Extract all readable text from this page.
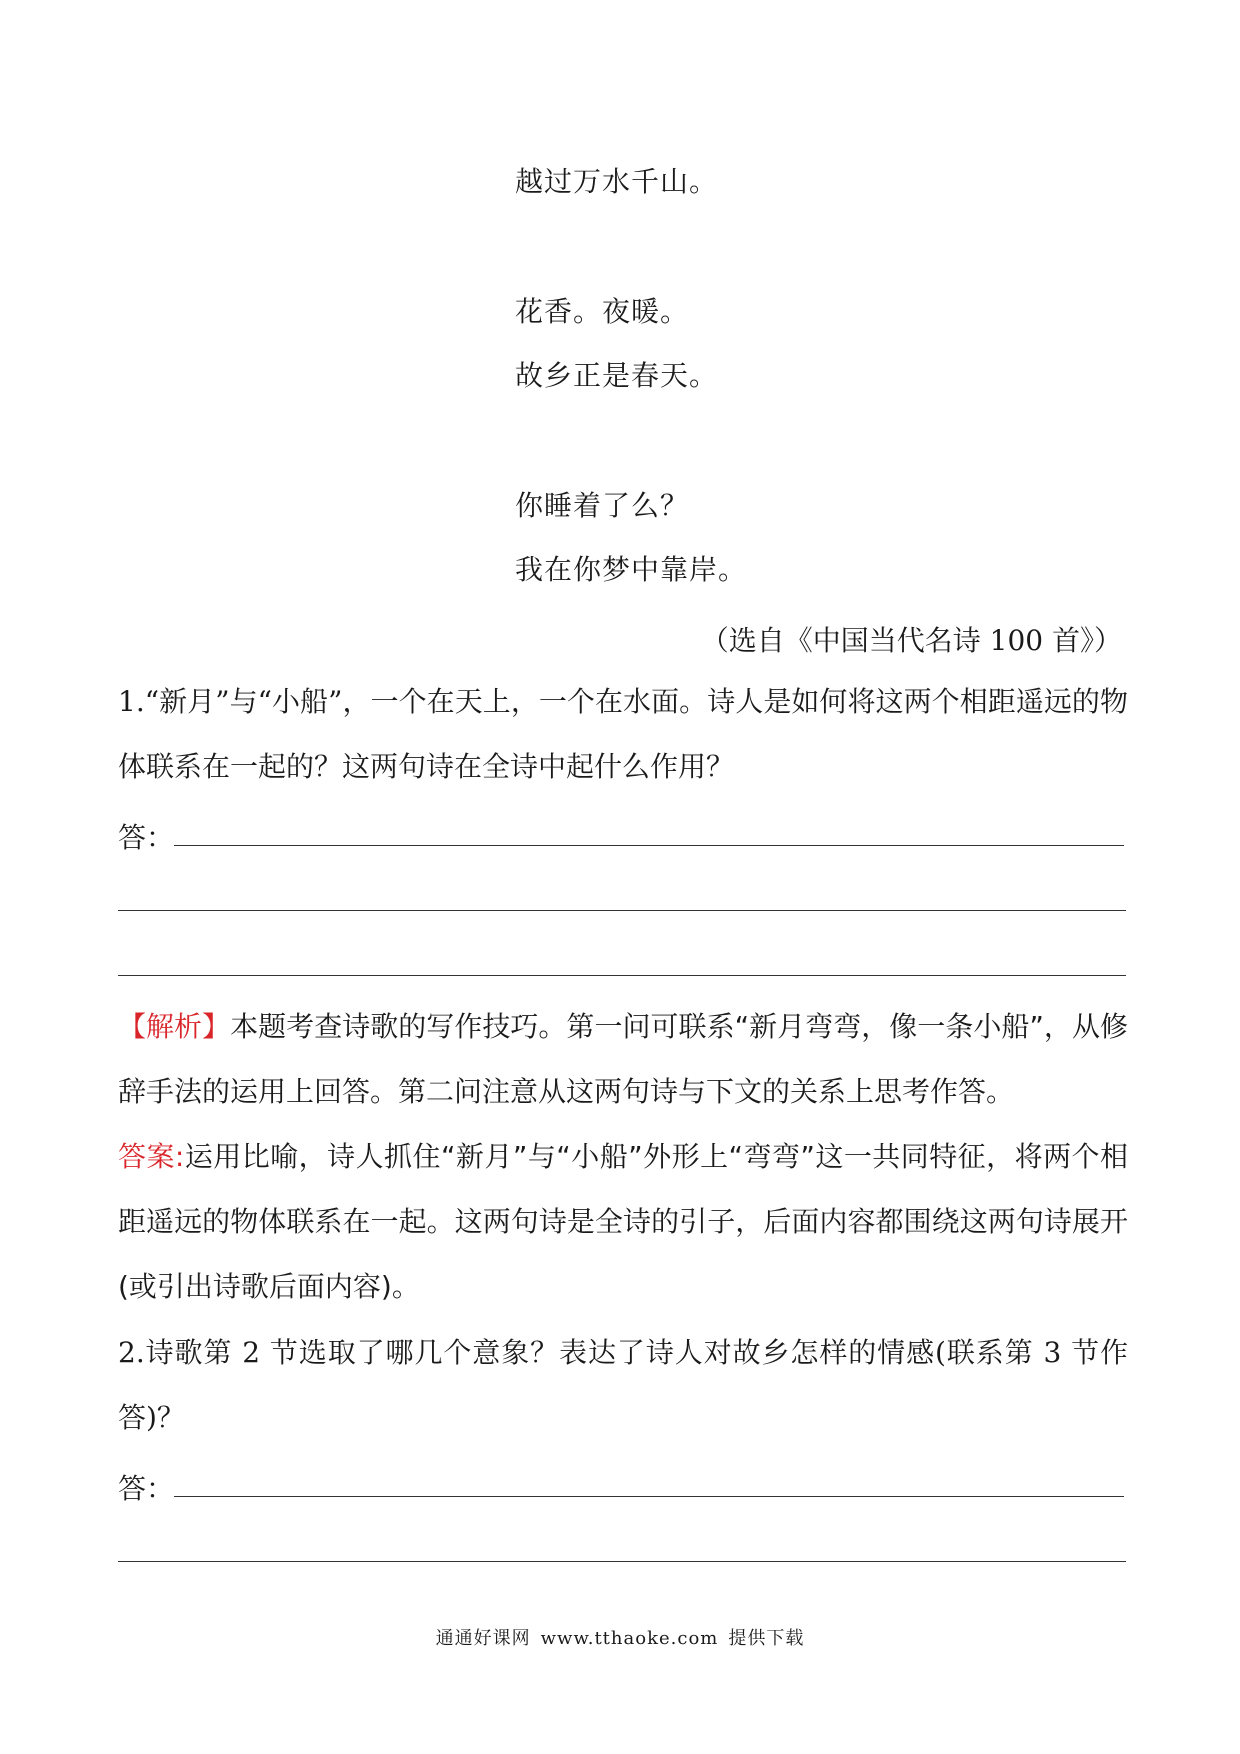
越过万水千山。
花香。夜暖。
故乡正是春天。
你睡着了么？
我在你梦中靠岸。
（选自《中国当代名诗 100 首》）
1.“新月”与“小船”，一个在天上，一个在水面。诗人是如何将这两个相距遥远的物体联系在一起的？这两句诗在全诗中起什么作用？
答：
【解析】本题考查诗歌的写作技巧。第一问可联系“新月弯弯，像一条小船”，从修辞手法的运用上回答。第二问注意从这两句诗与下文的关系上思考作答。
答案:运用比喻，诗人抓住“新月”与“小船”外形上“弯弯”这一共同特征，将两个相距遥远的物体联系在一起。这两句诗是全诗的引子，后面内容都围绕这两句诗展开(或引出诗歌后面内容)。
2.诗歌第 2 节选取了哪几个意象？表达了诗人对故乡怎样的情感(联系第 3 节作答)？
答：
通通好课网 www.tthaoke.com 提供下载
